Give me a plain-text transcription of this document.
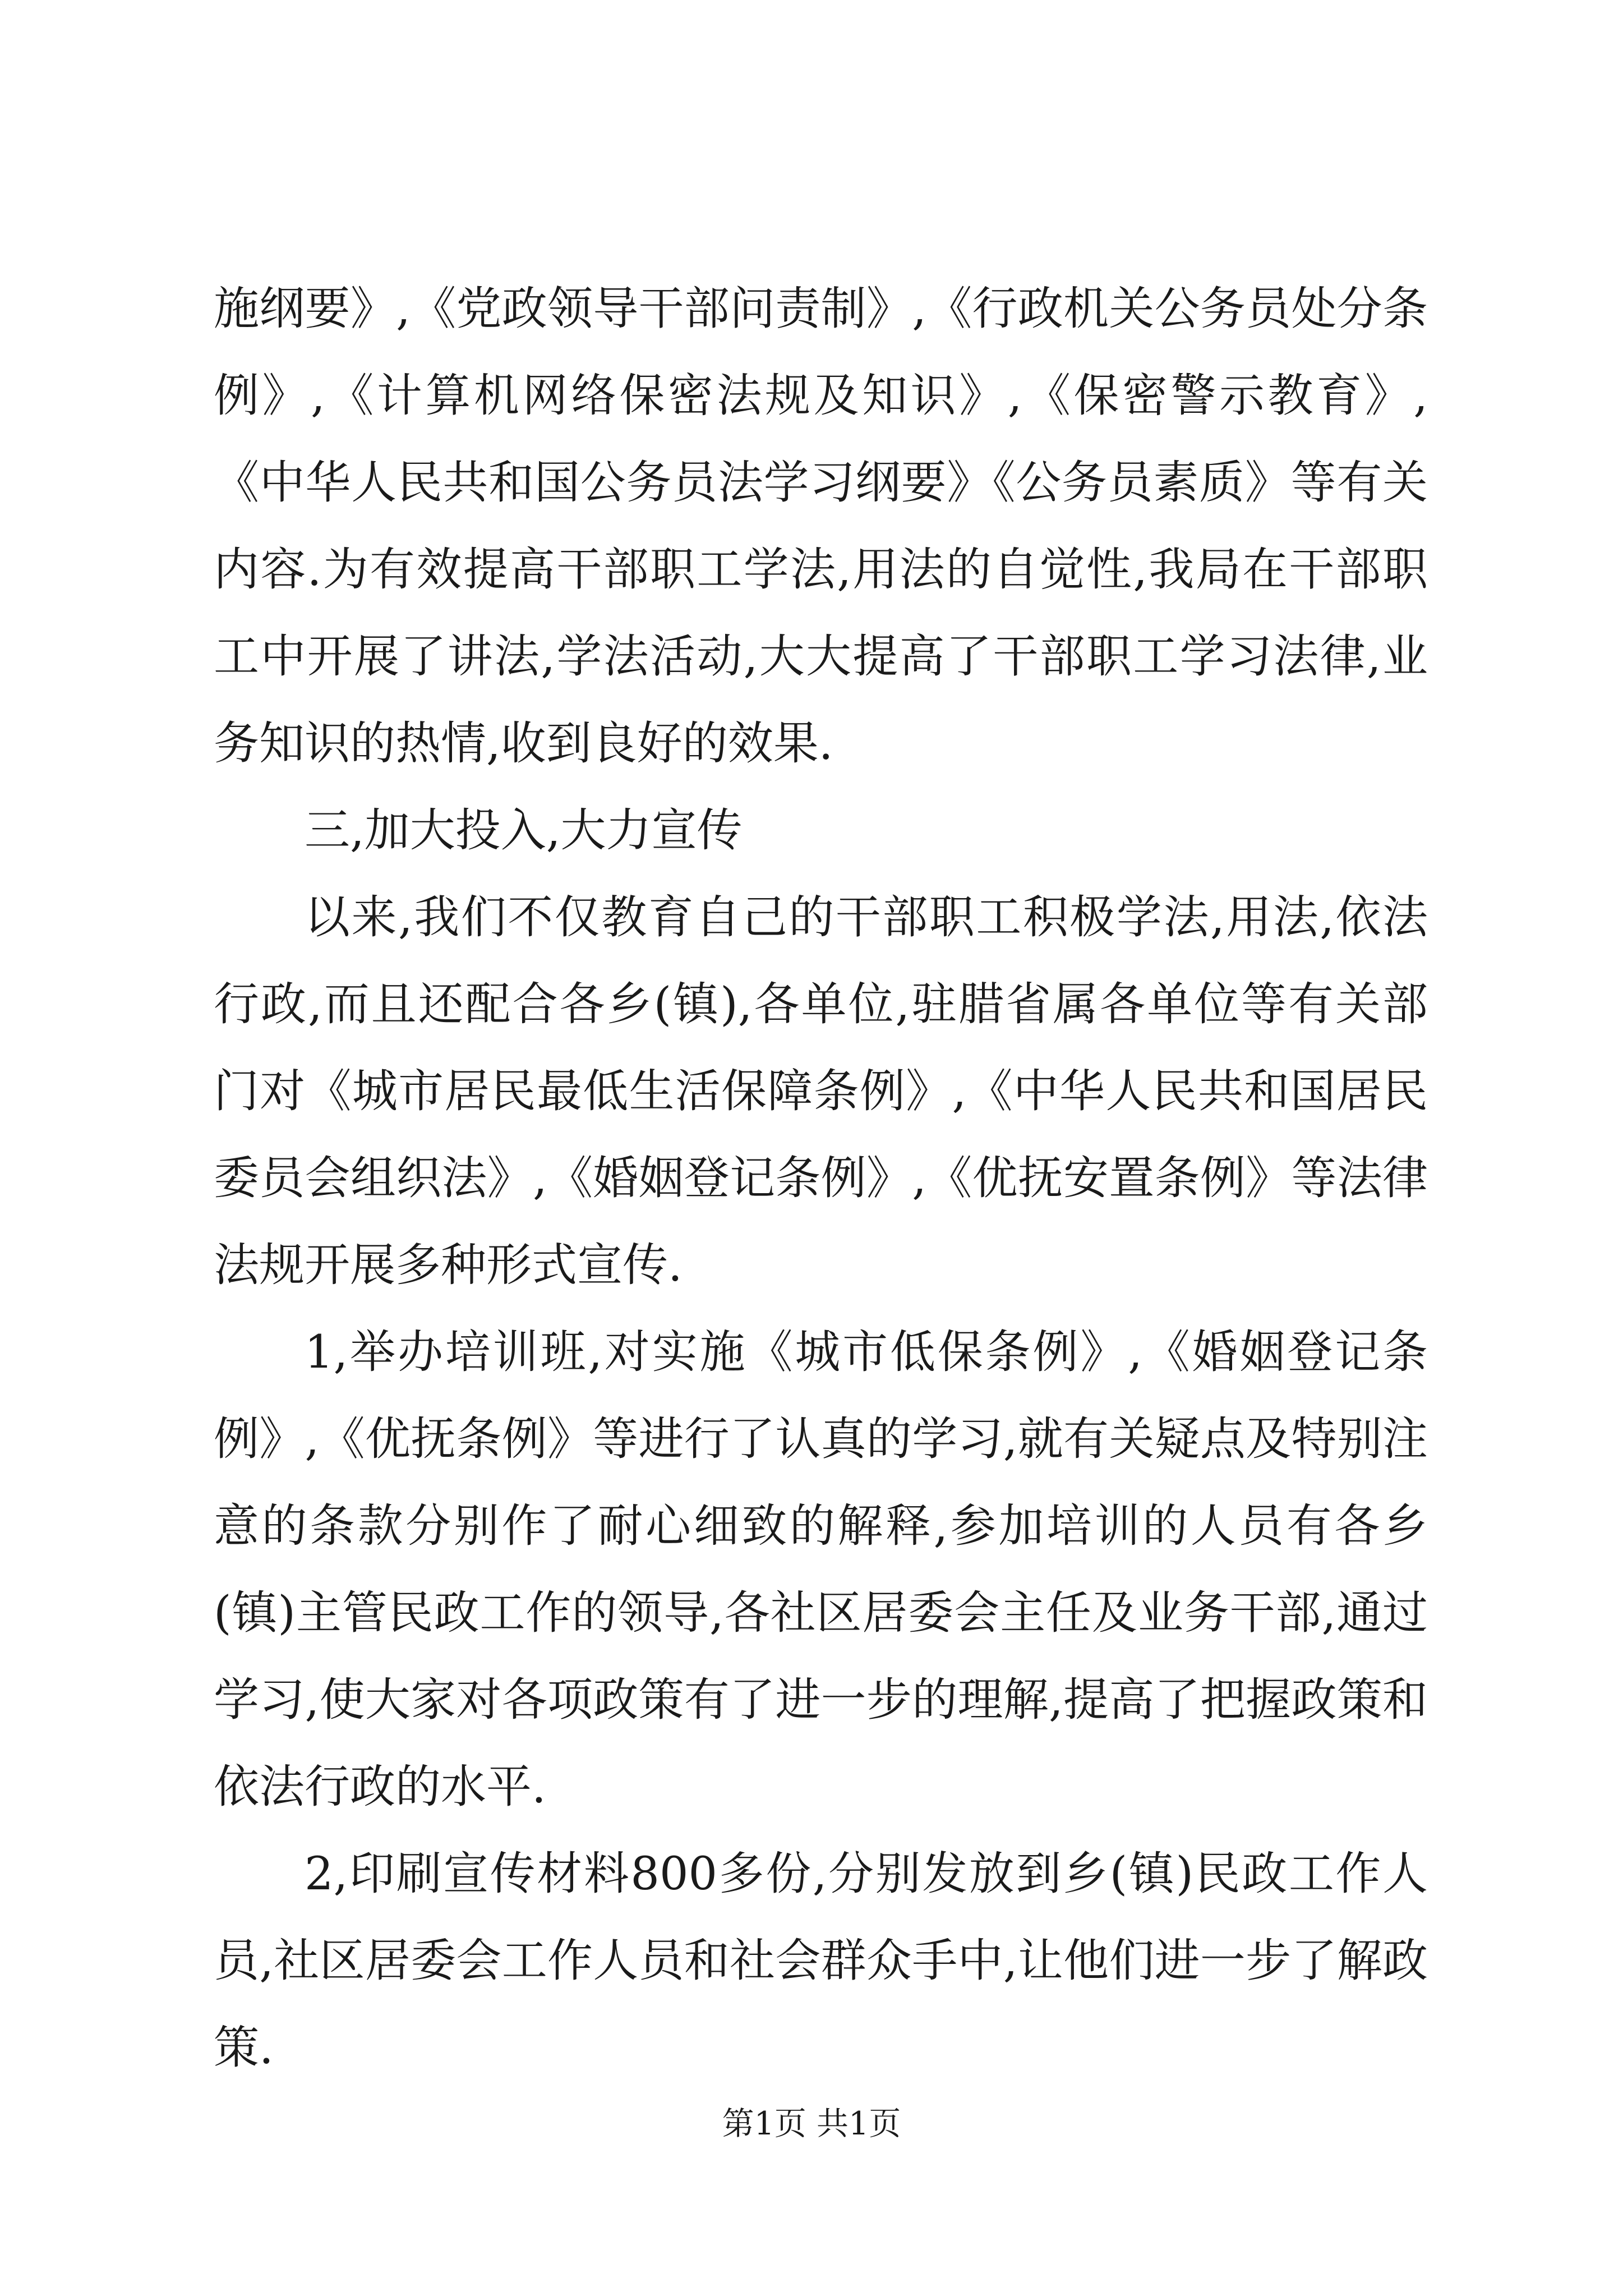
施纲要》,《党政领导干部问责制》,《行政机关公务员处分条例》,《计算机网络保密法规及知识》,《保密警示教育》,《中华人民共和国公务员法学习纲要》《公务员素质》等有关内容.为有效提高干部职工学法,用法的自觉性,我局在干部职工中开展了讲法,学法活动,大大提高了干部职工学习法律,业务知识的热情,收到良好的效果.

三,加大投入,大力宣传

以来,我们不仅教育自己的干部职工积极学法,用法,依法行政,而且还配合各乡(镇),各单位,驻腊省属各单位等有关部门对《城市居民最低生活保障条例》,《中华人民共和国居民委员会组织法》,《婚姻登记条例》,《优抚安置条例》等法律法规开展多种形式宣传.

1,举办培训班,对实施《城市低保条例》,《婚姻登记条例》,《优抚条例》等进行了认真的学习,就有关疑点及特别注意的条款分别作了耐心细致的解释,参加培训的人员有各乡(镇)主管民政工作的领导,各社区居委会主任及业务干部,通过学习,使大家对各项政策有了进一步的理解,提高了把握政策和依法行政的水平.

2,印刷宣传材料800多份,分别发放到乡(镇)民政工作人员,社区居委会工作人员和社会群众手中,让他们进一步了解政策.

第1页 共1页
